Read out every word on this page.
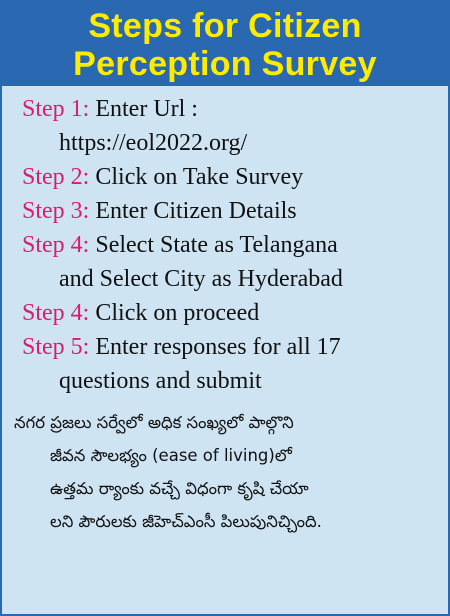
Steps for Citizen
Perception Survey
Step 1: Enter Url :
https://eol2022.org/
Step 2: Click on Take Survey
Step 3: Enter Citizen Details
Step 4: Select State as Telangana
and Select City as Hyderabad
Step 4: Click on proceed
Step 5: Enter responses for all 17
questions and submit
నగర ప్రజలు సర్వేలో అధిక సంఖ్యలో పాల్గొని
జీవన సౌలభ్యం (ease of living)లో
ఉత్తమ ర్యాంకు వచ్చే విధంగా కృషి చేయా
లని పౌరులకు జీహెచ్ఎంసీ పిలుపునిచ్చింది.
